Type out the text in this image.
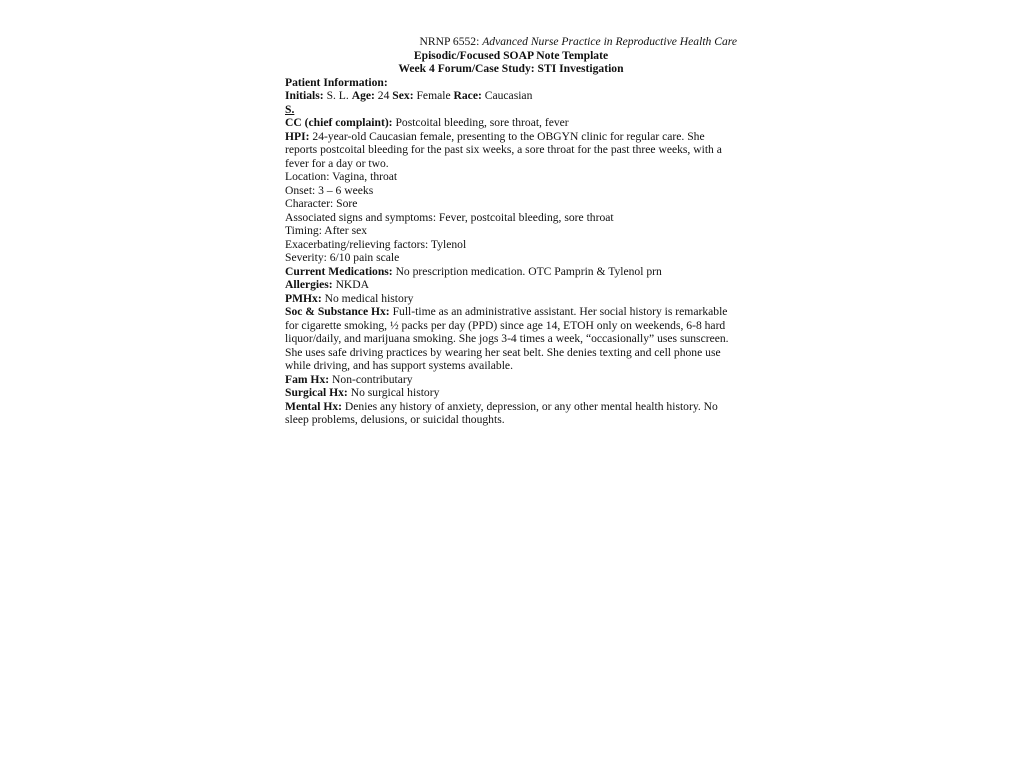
NRNP 6552: Advanced Nurse Practice in Reproductive Health Care

Episodic/Focused SOAP Note Template

Week 4 Forum/Case Study: STI Investigation

Patient Information:

Initials: S. L. Age: 24 Sex: Female Race: Caucasian

S.

CC (chief complaint): Postcoital bleeding, sore throat, fever

HPI: 24-year-old Caucasian female, presenting to the OBGYN clinic for regular care. She reports postcoital bleeding for the past six weeks, a sore throat for the past three weeks, with a fever for a day or two.

Location: Vagina, throat

Onset: 3 – 6 weeks

Character: Sore

Associated signs and symptoms: Fever, postcoital bleeding, sore throat

Timing: After sex

Exacerbating/relieving factors: Tylenol

Severity: 6/10 pain scale

Current Medications: No prescription medication. OTC Pamprin & Tylenol prn

Allergies: NKDA

PMHx: No medical history

Soc & Substance Hx: Full-time as an administrative assistant. Her social history is remarkable for cigarette smoking, ½ packs per day (PPD) since age 14, ETOH only on weekends, 6-8 hard liquor/daily, and marijuana smoking. She jogs 3-4 times a week, “occasionally” uses sunscreen. She uses safe driving practices by wearing her seat belt. She denies texting and cell phone use while driving, and has support systems available.

Fam Hx: Non-contributary

Surgical Hx: No surgical history

Mental Hx: Denies any history of anxiety, depression, or any other mental health history. No sleep problems, delusions, or suicidal thoughts.
